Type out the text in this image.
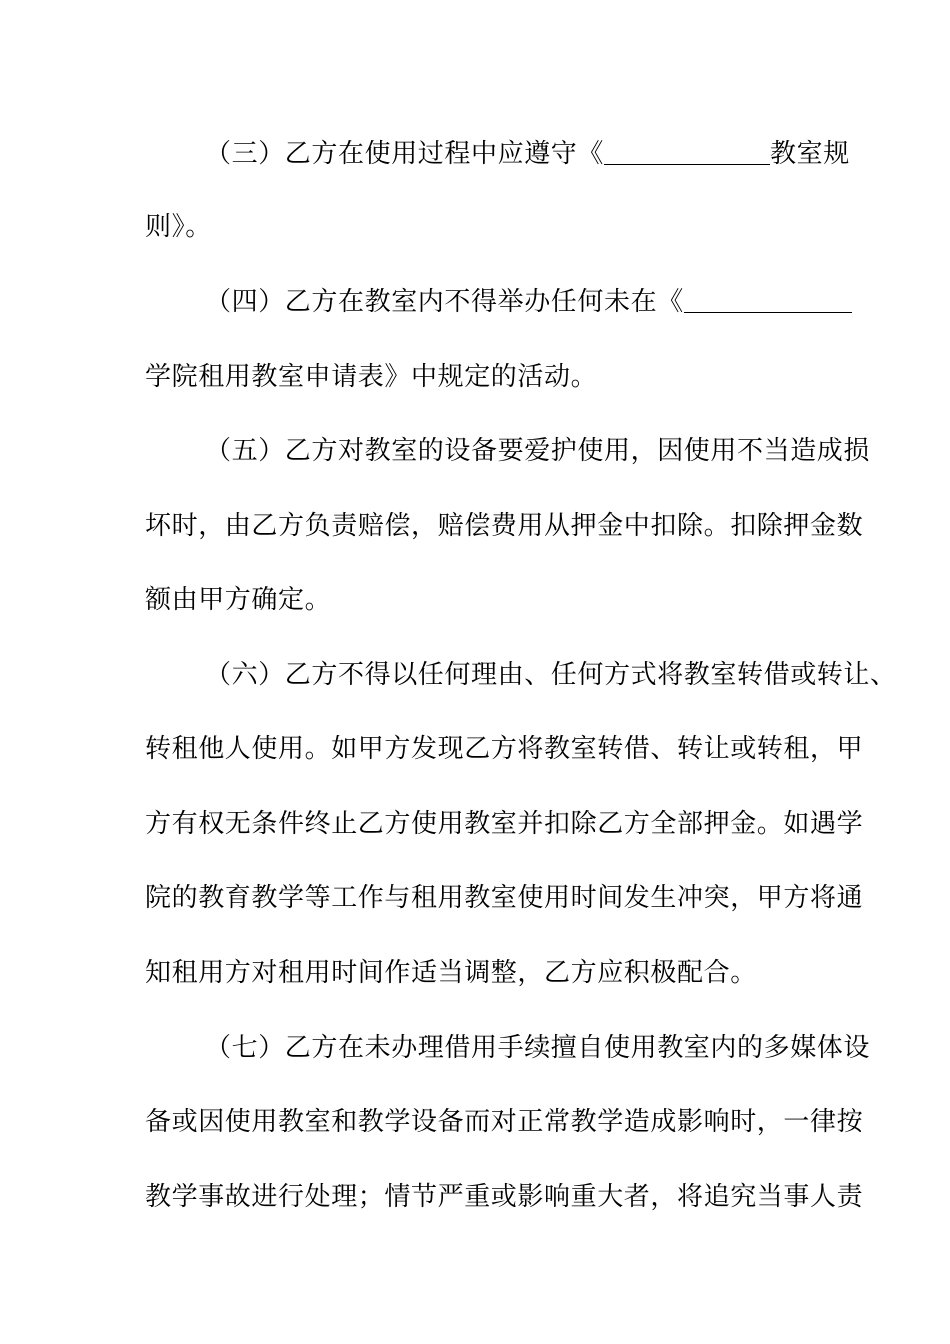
（三）乙方在使用过程中应遵守《	教室规
则》。
（四）乙方在教室内不得举办任何未在《
学院租用教室申请表》中规定的活动。
（五）乙方对教室的设备要爱护使用，因使用不当造成损
坏时，由乙方负责赔偿，赔偿费用从押金中扣除。扣除押金数
额由甲方确定。
（六）乙方不得以任何理由、任何方式将教室转借或转让、
转租他人使用。如甲方发现乙方将教室转借、转让或转租，甲
方有权无条件终止乙方使用教室并扣除乙方全部押金。如遇学
院的教育教学等工作与租用教室使用时间发生冲突，甲方将通
知租用方对租用时间作适当调整，乙方应积极配合。
（七）乙方在未办理借用手续擅自使用教室内的多媒体设
备或因使用教室和教学设备而对正常教学造成影响时，一律按
教学事故进行处理；情节严重或影响重大者，将追究当事人责
